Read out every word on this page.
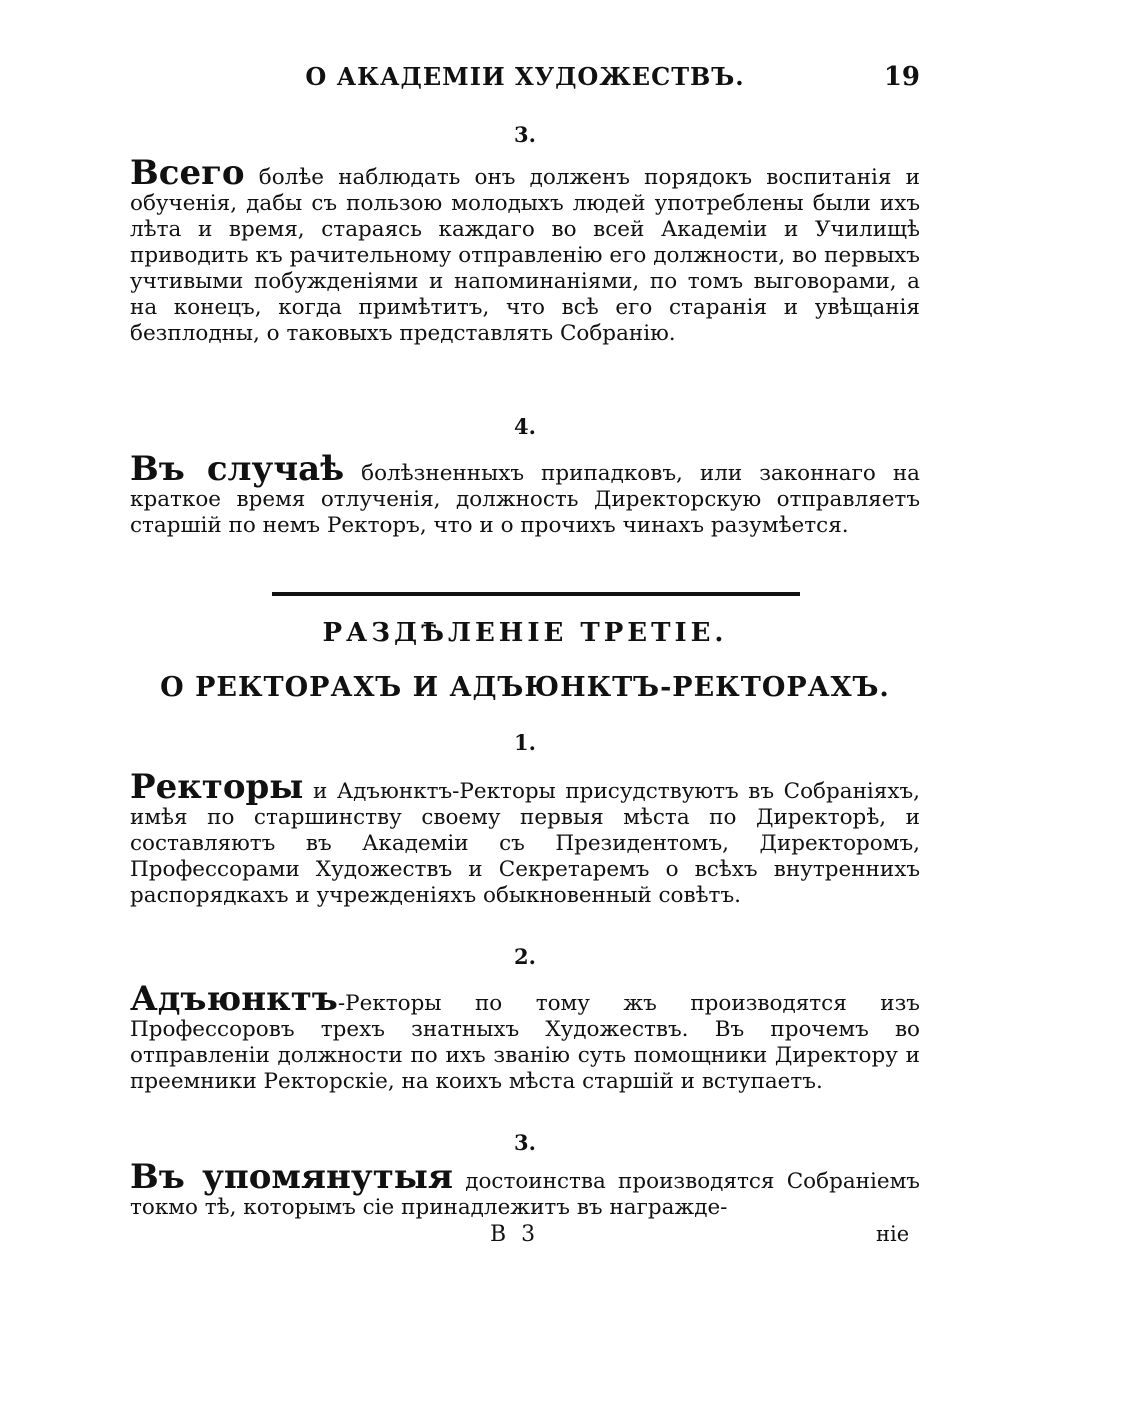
О АКАДЕМІИ ХУДОЖЕСТВЪ.	19
3.
Всего болѣе наблюдать онъ долженъ порядокъ воспитанія и обученія, дабы съ пользою молодыхъ людей употреблены были ихъ лѣта и время, стараясь каждаго во всей Академіи и Училищѣ приводить къ рачительному отправленію его должности, во первыхъ учтивыми побужденіями и напоминаніями, по томъ выговорами, а на конецъ, когда примѣтитъ, что всѣ его старанія и увѣщанія безплодны, о таковыхъ представлять Собранію.
4.
Въ случаѣ болѣзненныхъ припадковъ, или законнаго на краткое время отлученія, должность Директорскую отправляетъ старшій по немъ Ректоръ, что и о прочихъ чинахъ разумѣется.
РАЗДѢЛЕНІЕ ТРЕТІЕ.
О РЕКТОРАХЪ И АДЪЮНКТЪ-РЕКТОРАХЪ.
1.
Ректоры и Адъюнктъ-Ректоры присудствуютъ въ Собраніяхъ, имѣя по старшинству своему первыя мѣста по Директорѣ, и составляютъ въ Академіи съ Президентомъ, Директоромъ, Профессорами Художествъ и Секретаремъ о всѣхъ внутреннихъ распорядкахъ и учрежденіяхъ обыкновенный совѣтъ.
2.
Адъюнктъ-Ректоры по тому жъ производятся изъ Профессоровъ трехъ знатныхъ Художествъ. Въ прочемъ во отправленіи должности по ихъ званію суть помощники Директору и преемники Ректорскіе, на коихъ мѣста старшій и вступаетъ.
3.
Въ упомянутыя достоинства производятся Собраніемъ токмо тѣ, которымъ сіе принадлежитъ въ награжде-
В 3	ніе
